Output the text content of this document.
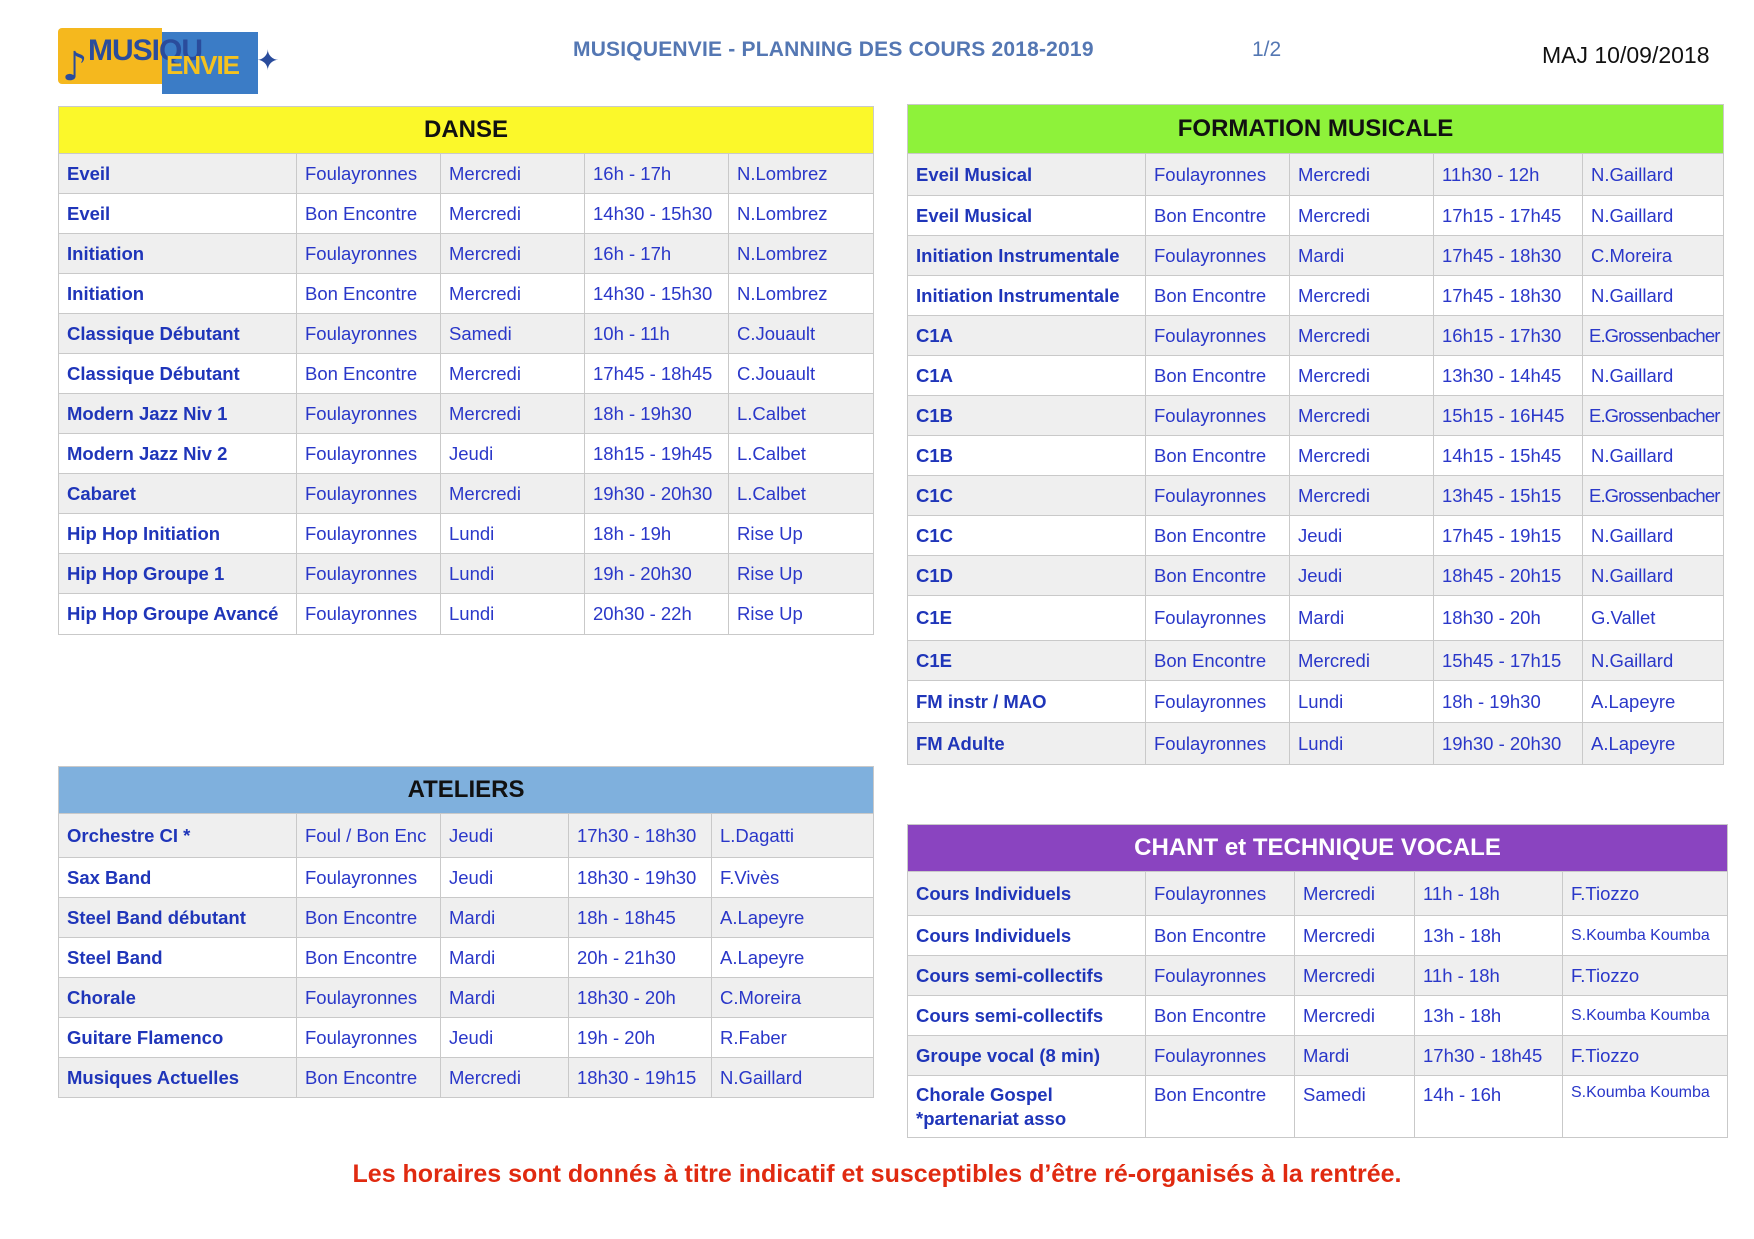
♪ MUSIQU
ENVIE ✦	MUSIQUENVIE - PLANNING DES COURS 2018-2019	1/2	MAJ 10/09/2018
DANSE				
Eveil	Foulayronnes	Mercredi	16h - 17h	N.Lombrez
Eveil	Bon Encontre	Mercredi	14h30 - 15h30	N.Lombrez
Initiation	Foulayronnes	Mercredi	16h - 17h	N.Lombrez
Initiation	Bon Encontre	Mercredi	14h30 - 15h30	N.Lombrez
Classique Débutant	Foulayronnes	Samedi	10h - 11h	C.Jouault
Classique Débutant	Bon Encontre	Mercredi	17h45 - 18h45	C.Jouault
Modern Jazz Niv 1	Foulayronnes	Mercredi	18h - 19h30	L.Calbet
Modern Jazz Niv 2	Foulayronnes	Jeudi	18h15 - 19h45	L.Calbet
Cabaret	Foulayronnes	Mercredi	19h30 - 20h30	L.Calbet
Hip Hop Initiation	Foulayronnes	Lundi	18h - 19h	Rise Up
Hip Hop Groupe 1	Foulayronnes	Lundi	19h - 20h30	Rise Up
Hip Hop Groupe Avancé	Foulayronnes	Lundi	20h30 - 22h	Rise Up
FORMATION MUSICALE				
Eveil Musical	Foulayronnes	Mercredi	11h30 - 12h	N.Gaillard
Eveil Musical	Bon Encontre	Mercredi	17h15 - 17h45	N.Gaillard
Initiation Instrumentale	Foulayronnes	Mardi	17h45 - 18h30	C.Moreira
Initiation Instrumentale	Bon Encontre	Mercredi	17h45 - 18h30	N.Gaillard
C1A	Foulayronnes	Mercredi	16h15 - 17h30	E.Grossenbacher
C1A	Bon Encontre	Mercredi	13h30 - 14h45	N.Gaillard
C1B	Foulayronnes	Mercredi	15h15 - 16H45	E.Grossenbacher
C1B	Bon Encontre	Mercredi	14h15 - 15h45	N.Gaillard
C1C	Foulayronnes	Mercredi	13h45 - 15h15	E.Grossenbacher
C1C	Bon Encontre	Jeudi	17h45 - 19h15	N.Gaillard
C1D	Bon Encontre	Jeudi	18h45 - 20h15	N.Gaillard
C1E	Foulayronnes	Mardi	18h30 - 20h	G.Vallet
C1E	Bon Encontre	Mercredi	15h45 - 17h15	N.Gaillard
FM instr / MAO	Foulayronnes	Lundi	18h - 19h30	A.Lapeyre
FM Adulte	Foulayronnes	Lundi	19h30 - 20h30	A.Lapeyre
ATELIERS				
Orchestre CI *	Foul / Bon Enc	Jeudi	17h30 - 18h30	L.Dagatti
Sax Band	Foulayronnes	Jeudi	18h30 - 19h30	F.Vivès
Steel Band débutant	Bon Encontre	Mardi	18h - 18h45	A.Lapeyre
Steel Band	Bon Encontre	Mardi	20h - 21h30	A.Lapeyre
Chorale	Foulayronnes	Mardi	18h30 - 20h	C.Moreira
Guitare Flamenco	Foulayronnes	Jeudi	19h - 20h	R.Faber
Musiques Actuelles	Bon Encontre	Mercredi	18h30 - 19h15	N.Gaillard
CHANT et TECHNIQUE VOCALE				
Cours Individuels	Foulayronnes	Mercredi	11h - 18h	F.Tiozzo
Cours Individuels	Bon Encontre	Mercredi	13h - 18h	S.Koumba Koumba
Cours semi-collectifs	Foulayronnes	Mercredi	11h - 18h	F.Tiozzo
Cours semi-collectifs	Bon Encontre	Mercredi	13h - 18h	S.Koumba Koumba
Groupe vocal (8 min)	Foulayronnes	Mardi	17h30 - 18h45	F.Tiozzo
Chorale Gospel *partenariat asso	Bon Encontre	Samedi	14h - 16h	S.Koumba Koumba
Les horaires sont donnés à titre indicatif et susceptibles d’être ré-organisés à la rentrée.
